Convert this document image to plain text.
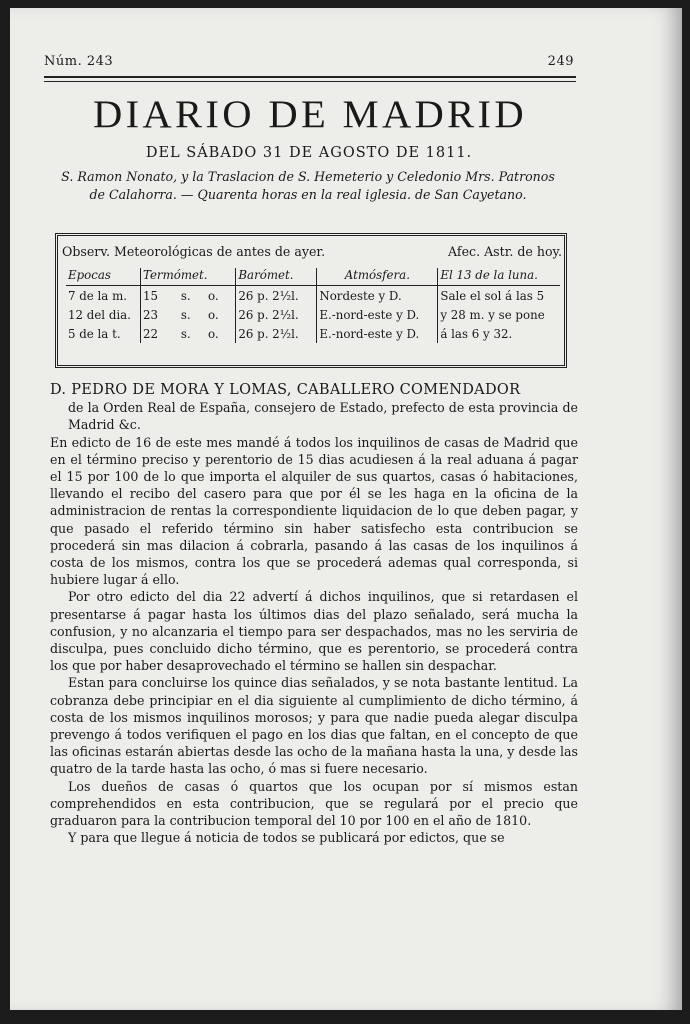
Núm. 243	249
DIARIO DE MADRID
DEL SÁBADO 31 DE AGOSTO DE 1811.
S. Ramon Nonato, y la Traslacion de S. Hemeterio y Celedonio Mrs. Patronos de Calahorra. — Quarenta horas en la real iglesia. de San Cayetano.
Observ. Meteorológicas de antes de ayer.	Afec. Astr. de hoy.
Epocas	Termómet.			Barómet.	Atmósfera.	El 13 de la luna.
7 de la m.	15	s.	o.	26 p. 2½l.	Nordeste y D.	Sale el sol á las 5
12 del dia.	23	s.	o.	26 p. 2½l.	E.-nord-este y D.	y 28 m. y se pone
5 de la t.	22	s.	o.	26 p. 2½l.	E.-nord-este y D.	á las 6 y 32.

D. PEDRO DE MORA Y LOMAS, CABALLERO COMENDADOR

de la Orden Real de España, consejero de Estado, prefecto de esta provincia de Madrid &c.

En edicto de 16 de este mes mandé á todos los inquilinos de casas de Madrid que en el término preciso y perentorio de 15 dias acudiesen á la real aduana á pagar el 15 por 100 de lo que importa el alquiler de sus quartos, casas ó habitaciones, llevando el recibo del casero para que por él se les haga en la oficina de la administracion de rentas la correspondiente liquidacion de lo que deben pagar, y que pasado el referido término sin haber satisfecho esta contribucion se procederá sin mas dilacion á cobrarla, pasando á las casas de los inquilinos á costa de los mismos, contra los que se procederá ademas qual corresponda, si hubiere lugar á ello.

Por otro edicto del dia 22 advertí á dichos inquilinos, que si retardasen el presentarse á pagar hasta los últimos dias del plazo señalado, será mucha la confusion, y no alcanzaria el tiempo para ser despachados, mas no les serviria de disculpa, pues concluido dicho término, que es perentorio, se procederá contra los que por haber desaprovechado el término se hallen sin despachar.

Estan para concluirse los quince dias señalados, y se nota bastante lentitud. La cobranza debe principiar en el dia siguiente al cumplimiento de dicho término, á costa de los mismos inquilinos morosos; y para que nadie pueda alegar disculpa prevengo á todos verifiquen el pago en los dias que faltan, en el concepto de que las oficinas estarán abiertas desde las ocho de la mañana hasta la una, y desde las quatro de la tarde hasta las ocho, ó mas si fuere necesario.

Los dueños de casas ó quartos que los ocupan por sí mismos estan comprehendidos en esta contribucion, que se regulará por el precio que graduaron para la contribucion temporal del 10 por 100 en el año de 1810.

Y para que llegue á noticia de todos se publicará por edictos, que se
